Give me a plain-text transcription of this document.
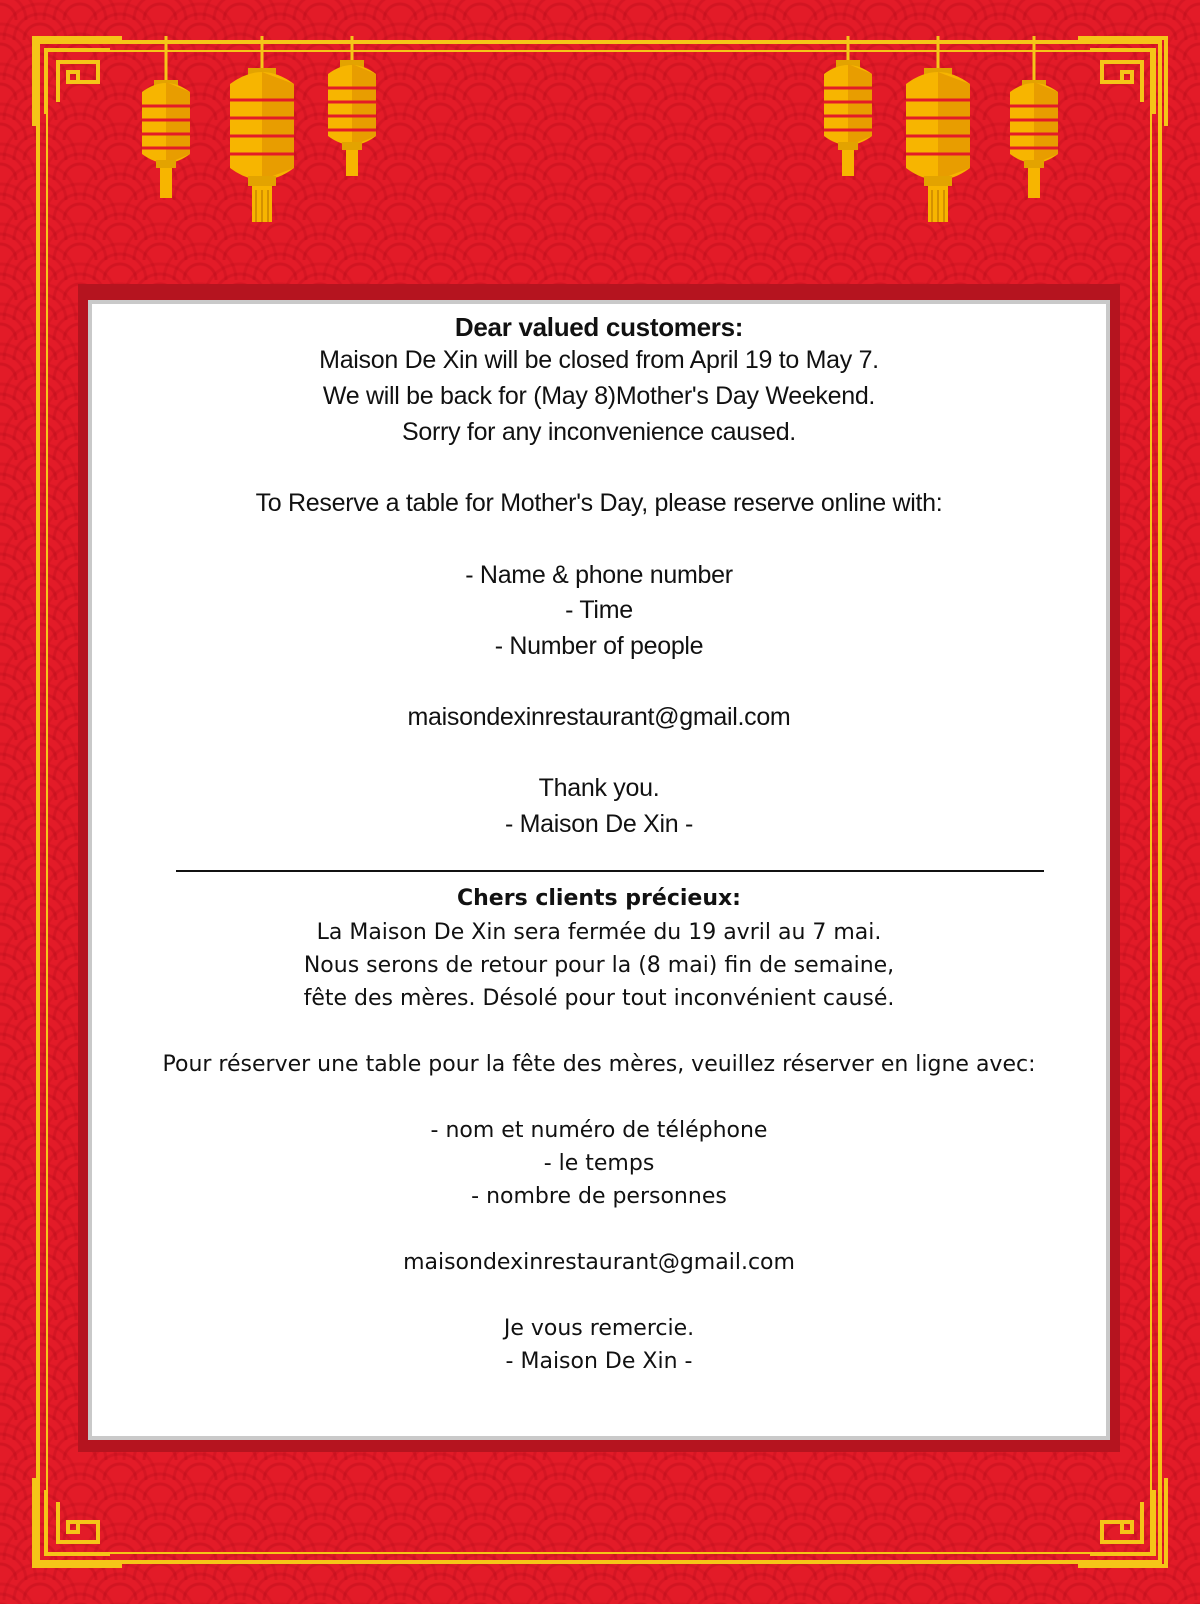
Dear valued customers:
Maison De Xin will be closed from April 19 to May 7.
We will be back for (May 8)Mother's Day Weekend.
Sorry for any inconvenience caused.
To Reserve a table for Mother's Day, please reserve online with:
- Name & phone number
- Time
- Number of people
maisondexinrestaurant@gmail.com
Thank you.
- Maison De Xin -
Chers clients précieux:
La Maison De Xin sera fermée du 19 avril au 7 mai.
Nous serons de retour pour la (8 mai) fin de semaine,
fête des mères. Désolé pour tout inconvénient causé.
Pour réserver une table pour la fête des mères, veuillez réserver en ligne avec:
- nom et numéro de téléphone
- le temps
- nombre de personnes
maisondexinrestaurant@gmail.com
Je vous remercie.
- Maison De Xin -
